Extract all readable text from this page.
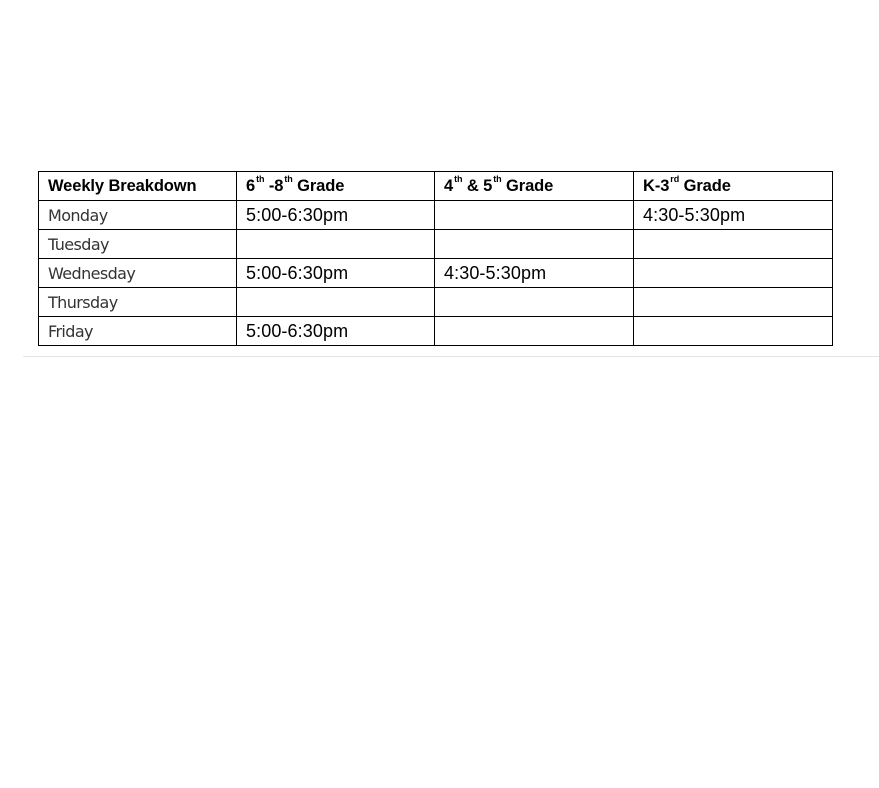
Weekly Breakdown	6th -8th Grade	4th & 5th Grade	K-3rd Grade
Monday	5:00-6:30pm		4:30-5:30pm
Tuesday			
Wednesday	5:00-6:30pm	4:30-5:30pm	
Thursday			
Friday	5:00-6:30pm		
